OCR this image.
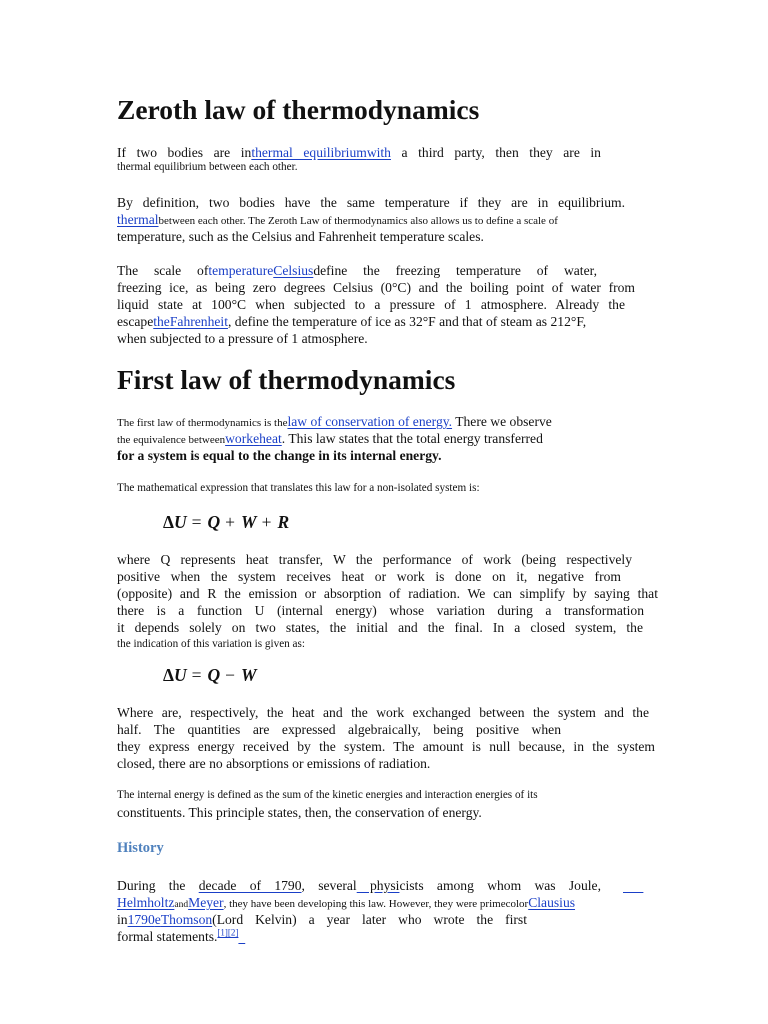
Zeroth law of thermodynamics
If two bodies are inthermal equilibriumwith a third party, then they are in
thermal equilibrium between each other.
By definition, two bodies have the same temperature if they are in equilibrium.
thermalbetween each other. The Zeroth Law of thermodynamics also allows us to define a scale of
temperature, such as the Celsius and Fahrenheit temperature scales.
The scale oftemperatureCelsiusdefine the freezing temperature of water,
freezing ice, as being zero degrees Celsius (0°C) and the boiling point of water from
liquid state at 100°C when subjected to a pressure of 1 atmosphere. Already the
escapetheFahrenheit, define the temperature of ice as 32°F and that of steam as 212°F,
when subjected to a pressure of 1 atmosphere.
First law of thermodynamics
The first law of thermodynamics is thelaw of conservation of energy. There we observe
the equivalence betweenworkeheat. This law states that the total energy transferred
for a system is equal to the change in its internal energy.
The mathematical expression that translates this law for a non-isolated system is:
ΔU = Q + W + R
where Q represents heat transfer, W the performance of work (being respectively
positive when the system receives heat or work is done on it, negative from
(opposite) and R the emission or absorption of radiation. We can simplify by saying that
there is a function U (internal energy) whose variation during a transformation
it depends solely on two states, the initial and the final. In a closed system, the
the indication of this variation is given as:
ΔU = Q − W
Where are, respectively, the heat and the work exchanged between the system and the
half. The quantities are expressed algebraically, being positive when
they express energy received by the system. The amount is null because, in the system
closed, there are no absorptions or emissions of radiation.
The internal energy is defined as the sum of the kinetic energies and interaction energies of its
constituents. This principle states, then, the conservation of energy.
History
During the decade of 1790, several physicists among whom was Joule,
HelmholtzandMeyer, they have been developing this law. However, they were primecolorClausius
in1790eThomson(Lord Kelvin) a year later who wrote the first
formal statements.[1][2]
